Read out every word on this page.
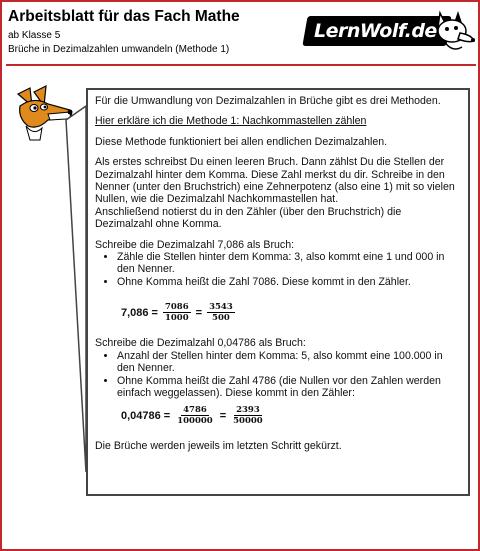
Arbeitsblatt für das Fach Mathe
ab Klasse 5
Brüche in Dezimalzahlen umwandeln (Methode 1)
LernWolf.de

Für die Umwandlung von Dezimalzahlen in Brüche gibt es drei Methoden.

Hier erkläre ich die Methode 1: Nachkommastellen zählen

Diese Methode funktioniert bei allen endlichen Dezimalzahlen.

Als erstes schreibst Du einen leeren Bruch. Dann zählst Du die Stellen der Dezimalzahl hinter dem Komma. Diese Zahl merkst du dir. Schreibe in den Nenner (unter den Bruchstrich) eine Zehnerpotenz (also eine 1) mit so vielen Nullen, wie die Dezimalzahl Nachkommastellen hat.
Anschließend notierst du in den Zähler (über den Bruchstrich) die Dezimalzahl ohne Komma.

Schreibe die Dezimalzahl 7,086 als Bruch:
• Zähle die Stellen hinter dem Komma: 3, also kommt eine 1 und 000 in den Nenner.
• Ohne Komma heißt die Zahl 7086. Diese kommt in den Zähler.
$7,086 = \frac{7086}{1000} = \frac{3543}{500}$
Schreibe die Dezimalzahl 0,04786 als Bruch:
• Anzahl der Stellen hinter dem Komma: 5, also kommt eine 100.000 in den Nenner.
• Ohne Komma heißt die Zahl 4786 (die Nullen vor den Zahlen werden einfach weggelassen). Diese kommt in den Zähler:
$0,04786 = \frac{4786}{100000} = \frac{2393}{50000}$
Die Brüche werden jeweils im letzten Schritt gekürzt.
